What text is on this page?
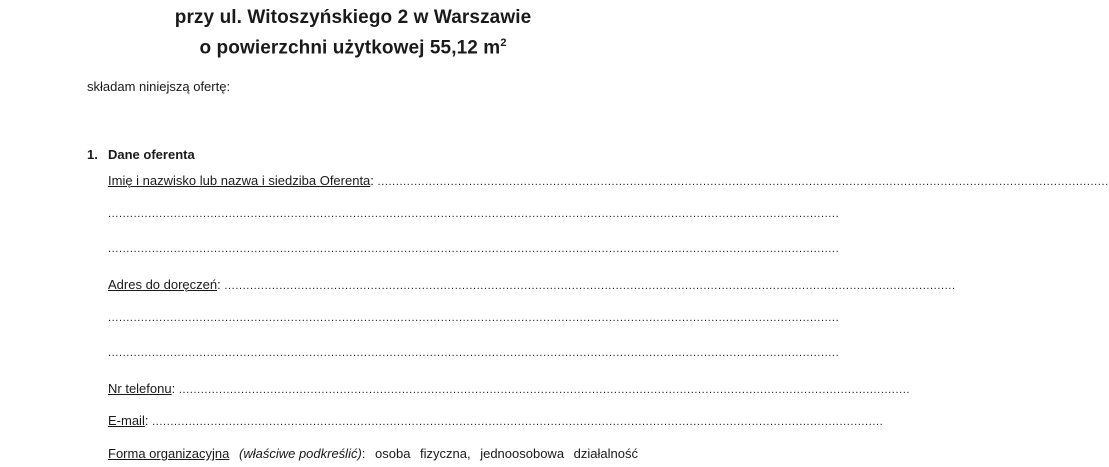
przy ul. Witoszyńskiego 2 w Warszawie
o powierzchni użytkowej 55,12 $m^2$
składam niniejszą ofertę:
1. Dane oferenta
Imię i nazwisko lub nazwa i siedziba Oferenta: ........................................................................................................................................................................................................
........................................................................................................................................................................................................
........................................................................................................................................................................................................
Adres do doręczeń: ........................................................................................................................................................................................................
........................................................................................................................................................................................................
........................................................................................................................................................................................................
Nr telefonu: ........................................................................................................................................................................................................
E-mail: ........................................................................................................................................................................................................
Forma organizacyjna (właściwe podkreślić): osoba fizyczna, jednoosobowa działalność
